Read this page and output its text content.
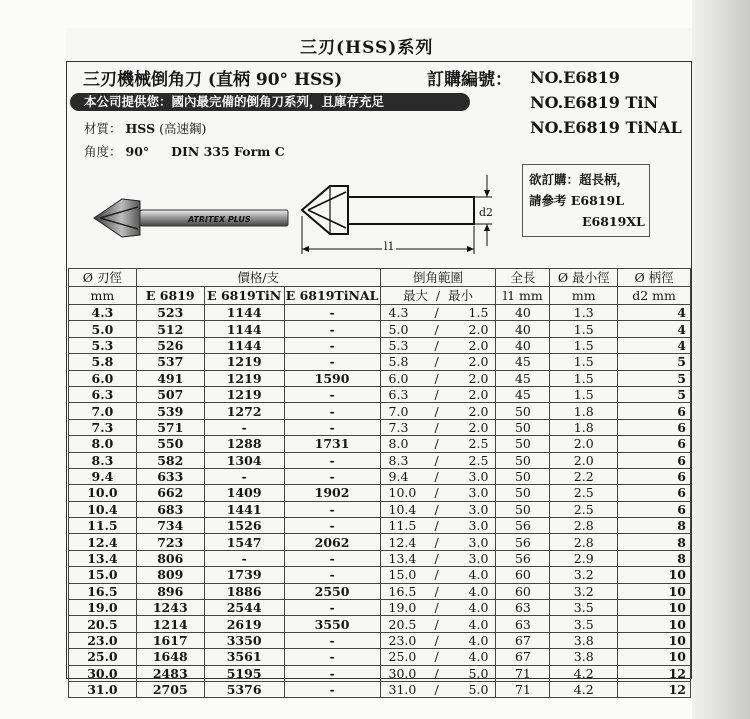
三刃(HSS)系列
三刃機械倒角刀 (直柄 90° HSS)	訂購編號： NO.E6819
NO.E6819 TiN
NO.E6819 TiNAL
本公司提供您：國內最完備的倒角刀系列，且庫存充足
材質： HSS (高速鋼)
角度： 90° DIN 335 Form C
欲訂購：超長柄，
請參考 E6819L
E6819XL
ATRITEX PLUS
d2
l1
Ø 刃徑	價格/支			倒角範圍	全長	Ø 最小徑	Ø 柄徑
mm	E 6819	E 6819TiN	E 6819TiNAL	最大  /  最小	l1 mm	mm	d2 mm
4.3	523	1144	-	4.3 / 1.5	40	1.3	4
5.0	512	1144	-	5.0 / 2.0	40	1.5	4
5.3	526	1144	-	5.3 / 2.0	40	1.5	4
5.8	537	1219	-	5.8 / 2.0	45	1.5	5
6.0	491	1219	1590	6.0 / 2.0	45	1.5	5
6.3	507	1219	-	6.3 / 2.0	45	1.5	5
7.0	539	1272	-	7.0 / 2.0	50	1.8	6
7.3	571	-	-	7.3 / 2.0	50	1.8	6
8.0	550	1288	1731	8.0 / 2.5	50	2.0	6
8.3	582	1304	-	8.3 / 2.5	50	2.0	6
9.4	633	-	-	9.4 / 3.0	50	2.2	6
10.0	662	1409	1902	10.0 / 3.0	50	2.5	6
10.4	683	1441	-	10.4 / 3.0	50	2.5	6
11.5	734	1526	-	11.5 / 3.0	56	2.8	8
12.4	723	1547	2062	12.4 / 3.0	56	2.8	8
13.4	806	-	-	13.4 / 3.0	56	2.9	8
15.0	809	1739	-	15.0 / 4.0	60	3.2	10
16.5	896	1886	2550	16.5 / 4.0	60	3.2	10
19.0	1243	2544	-	19.0 / 4.0	63	3.5	10
20.5	1214	2619	3550	20.5 / 4.0	63	3.5	10
23.0	1617	3350	-	23.0 / 4.0	67	3.8	10
25.0	1648	3561	-	25.0 / 4.0	67	3.8	10
30.0	2483	5195	-	30.0 / 5.0	71	4.2	12
31.0	2705	5376	-	31.0 / 5.0	71	4.2	12
